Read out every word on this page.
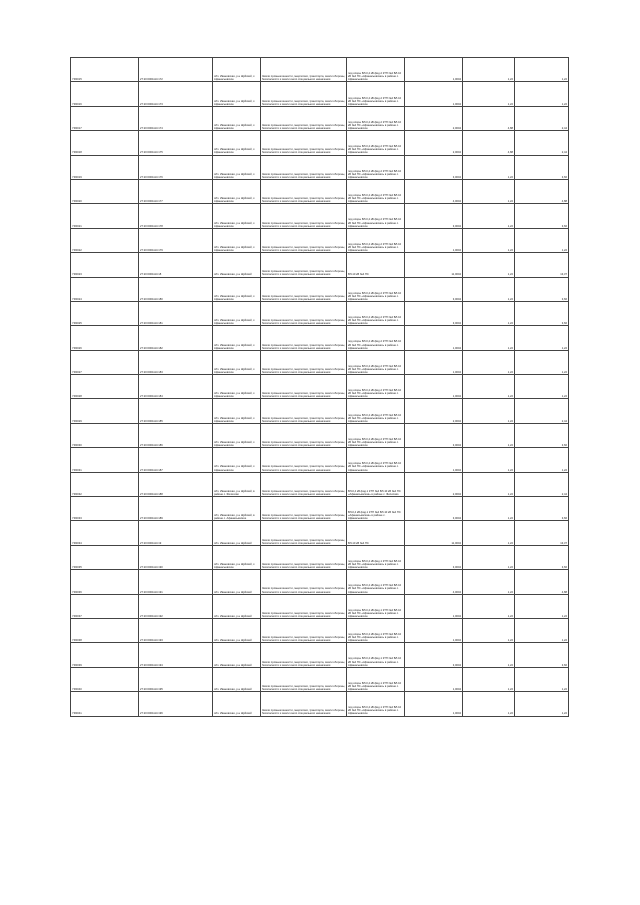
YR0015	27:20:0001114:172	обл. Ивановская, р-н Шуйский, с. Афанасьевское	Земли промышленности, энергетики, транспорта, земли обороны, безопасности и земли иного специального назначения	под опоры ВЛ-0,4 кВ фид.2 КТП №4 ВЛ-10 кВ №4 ПС «Афанасьевская» в районе с. Афанасьевское	1,0004	1,22	1,22
YR0016	27:20:0001114:173	обл. Ивановская, р-н Шуйский, с. Афанасьевское	Земли промышленности, энергетики, транспорта, земли обороны, безопасности и земли иного специального назначения	под опоры ВЛ-0,4 кВ фид.2 КТП №4 ВЛ-10 кВ №4 ПС «Афанасьевская» в районе с. Афанасьевское	1,0004	1,22	1,22
YR0017	27:20:0001114:174	обл. Ивановская, р-н Шуйский, с. Афанасьевское	Земли промышленности, энергетики, транспорта, земли обороны, безопасности и земли иного специального назначения	под опоры ВЛ-0,4 кВ фид.2 КТП №4 ВЛ-10 кВ №4 ПС «Афанасьевская» в районе с. Афанасьевское	2,0004	4,88	2,44
YR0018	27:20:0001114:175	обл. Ивановская, р-н Шуйский, с. Афанасьевское	Земли промышленности, энергетики, транспорта, земли обороны, безопасности и земли иного специального назначения	под опоры ВЛ-0,4 кВ фид.2 КТП №4 ВЛ-10 кВ №4 ПС «Афанасьевская» в районе с. Афанасьевское	2,0004	4,88	2,44
YR0019	27:20:0001114:176	обл. Ивановская, р-н Шуйский, с. Афанасьевское	Земли промышленности, энергетики, транспорта, земли обороны, безопасности и земли иного специального назначения	под опоры ВЛ-0,4 кВ фид.2 КТП №4 ВЛ-10 кВ №4 ПС «Афанасьевская» в районе с. Афанасьевское	3,0004	1,22	3,66
YR0020	27:20:0001114:177	обл. Ивановская, р-н Шуйский, с. Афанасьевское	Земли промышленности, энергетики, транспорта, земли обороны, безопасности и земли иного специального назначения	под опоры ВЛ-0,4 кВ фид.2 КТП №4 ВЛ-10 кВ №4 ПС «Афанасьевская» в районе с. Афанасьевское	4,0004	1,22	4,88
YR0021	27:20:0001114:178	обл. Ивановская, р-н Шуйский, с. Афанасьевское	Земли промышленности, энергетики, транспорта, земли обороны, безопасности и земли иного специального назначения	под опоры ВЛ-0,4 кВ фид.2 КТП №4 ВЛ-10 кВ №4 ПС «Афанасьевская» в районе с. Афанасьевское	3,0004	1,22	3,66
YR0022	27:20:0001114:179	обл. Ивановская, р-н Шуйский, с. Афанасьевское	Земли промышленности, энергетики, транспорта, земли обороны, безопасности и земли иного специального назначения	под опоры ВЛ-0,4 кВ фид.2 КТП №4 ВЛ-10 кВ №4 ПС «Афанасьевская» в районе с. Афанасьевское	1,0004	1,22	1,22
YR0023	27:20:0001114:18	обл. Ивановская, р-н Шуйский	Земли промышленности, энергетики, транспорта, земли обороны, безопасности и земли иного специального назначения	ВЛ-10 кВ №4 ПС	11,0004	1,22	13,37
YR0024	27:20:0001114:180	обл. Ивановская, р-н Шуйский, с. Афанасьевское	Земли промышленности, энергетики, транспорта, земли обороны, безопасности и земли иного специального назначения	под опоры ВЛ-0,4 кВ фид.2 КТП №4 ВЛ-10 кВ №4 ПС «Афанасьевская» в районе с. Афанасьевское	3,0004	1,22	3,66
YR0025	27:20:0001114:181	обл. Ивановская, р-н Шуйский, с. Афанасьевское	Земли промышленности, энергетики, транспорта, земли обороны, безопасности и земли иного специального назначения	под опоры ВЛ-0,4 кВ фид.2 КТП №4 ВЛ-10 кВ №4 ПС «Афанасьевская» в районе с. Афанасьевское	3,0004	1,22	3,66
YR0026	27:20:0001114:182	обл. Ивановская, р-н Шуйский, с. Афанасьевское	Земли промышленности, энергетики, транспорта, земли обороны, безопасности и земли иного специального назначения	под опоры ВЛ-0,4 кВ фид.2 КТП №4 ВЛ-10 кВ №4 ПС «Афанасьевская» в районе с. Афанасьевское	1,0004	1,22	1,22
YR0027	27:20:0001114:183	обл. Ивановская, р-н Шуйский, с. Афанасьевское	Земли промышленности, энергетики, транспорта, земли обороны, безопасности и земли иного специального назначения	под опоры ВЛ-0,4 кВ фид.2 КТП №4 ВЛ-10 кВ №4 ПС «Афанасьевская» в районе с. Афанасьевское	1,0004	1,22	1,22
YR0028	27:20:0001114:184	обл. Ивановская, р-н Шуйский, с. Афанасьевское	Земли промышленности, энергетики, транспорта, земли обороны, безопасности и земли иного специального назначения	под опоры ВЛ-0,4 кВ фид.2 КТП №4 ВЛ-10 кВ №4 ПС «Афанасьевская» в районе с. Афанасьевское	1,0004	1,22	1,22
YR0029	27:20:0001114:185	обл. Ивановская, р-н Шуйский, с. Афанасьевское	Земли промышленности, энергетики, транспорта, земли обороны, безопасности и земли иного специального назначения	под опоры ВЛ-0,4 кВ фид.2 КТП №4 ВЛ-10 кВ №4 ПС «Афанасьевская» в районе с. Афанасьевское	2,0004	1,22	2,44
YR0030	27:20:0001114:186	обл. Ивановская, р-н Шуйский, с. Афанасьевское	Земли промышленности, энергетики, транспорта, земли обороны, безопасности и земли иного специального назначения	под опоры ВЛ-0,4 кВ фид.2 КТП №4 ВЛ-10 кВ №4 ПС «Афанасьевская» в районе с. Афанасьевское	3,0004	1,22	3,66
YR0031	27:20:0001114:187	обл. Ивановская, р-н Шуйский, с. Афанасьевское	Земли промышленности, энергетики, транспорта, земли обороны, безопасности и земли иного специального назначения	под опоры ВЛ-0,4 кВ фид.2 КТП №4 ВЛ-10 кВ №4 ПС «Афанасьевская» в районе с. Афанасьевское	1,0004	1,22	1,22
YR0032	27:20:0001114:188	обл. Ивановская, р-н Шуйский, в районе с. Филисово	Земли промышленности, энергетики, транспорта, земли обороны, безопасности и земли иного специального назначения	ВЛ-0,4 кВ фид.1 КТП №4 ВЛ-10 кВ №4 ПС «Афанасьевская» в районе с. Филисово	2,0004	1,22	2,44
YR0033	27:20:0001114:189	обл. Ивановская, р-н Шуйский, в районе с. Афанасьевское	Земли промышленности, энергетики, транспорта, земли обороны, безопасности и земли иного специального назначения	ВЛ-0,4 кВ фид.1 КТП №4 ВЛ-10 кВ №4 ПС «Афанасьевская» в районе с. Афанасьевское	3,0004	1,22	3,66
YR0034	27:20:0001114:19	обл. Ивановская, р-н Шуйский	Земли промышленности, энергетики, транспорта, земли обороны, безопасности и земли иного специального назначения	ВЛ-10 кВ №4 ПС	11,0004	1,22	13,37
YR0035	27:20:0001114:190	обл. Ивановская, р-н Шуйский, с. Афанасьевское	Земли промышленности, энергетики, транспорта, земли обороны, безопасности и земли иного специального назначения	под опоры ВЛ-0,4 кВ фид.1 КТП №4 ВЛ-10 кВ №4 ПС «Афанасьевская» в районе с. Афанасьевское	3,0004	1,22	3,66
YR0036	27:20:0001114:191	обл. Ивановская, р-н Шуйский	Земли промышленности, энергетики, транспорта, земли обороны, безопасности и земли иного специального назначения	под опоры ВЛ-0,4 кВ фид.1 КТП №4 ВЛ-10 кВ №4 ПС «Афанасьевская» в районе с. Афанасьевское	4,0004	1,22	4,88
YR0037	27:20:0001114:192	обл. Ивановская, р-н Шуйский	Земли промышленности, энергетики, транспорта, земли обороны, безопасности и земли иного специального назначения	под опоры ВЛ-0,4 кВ фид.1 КТП №4 ВЛ-10 кВ №4 ПС «Афанасьевская» в районе с. Афанасьевское	1,0004	1,22	1,22
YR0038	27:20:0001114:193	обл. Ивановская, р-н Шуйский	Земли промышленности, энергетики, транспорта, земли обороны, безопасности и земли иного специального назначения	под опоры ВЛ-0,4 кВ фид.1 КТП №4 ВЛ-10 кВ №4 ПС «Афанасьевская» в районе с. Афанасьевское	1,0004	1,22	1,22
YR0039	27:20:0001114:194	обл. Ивановская, р-н Шуйский	Земли промышленности, энергетики, транспорта, земли обороны, безопасности и земли иного специального назначения	под опоры ВЛ-0,4 кВ фид.1 КТП №4 ВЛ-10 кВ №4 ПС «Афанасьевская» в районе с. Афанасьевское	3,0004	1,22	3,66
YR0040	27:20:0001114:195	обл. Ивановская, р-н Шуйский	Земли промышленности, энергетики, транспорта, земли обороны, безопасности и земли иного специального назначения	под опоры ВЛ-0,4 кВ фид.1 КТП №4 ВЛ-10 кВ №4 ПС «Афанасьевская» в районе с. Афанасьевское	1,0004	1,22	1,22
YR0041	27:20:0001114:196	обл. Ивановская, р-н Шуйский	Земли промышленности, энергетики, транспорта, земли обороны, безопасности и земли иного специального назначения	под опоры ВЛ-0,4 кВ фид.1 КТП №4 ВЛ-10 кВ №4 ПС «Афанасьевская» в районе с. Афанасьевское	1,0004	1,22	1,22
